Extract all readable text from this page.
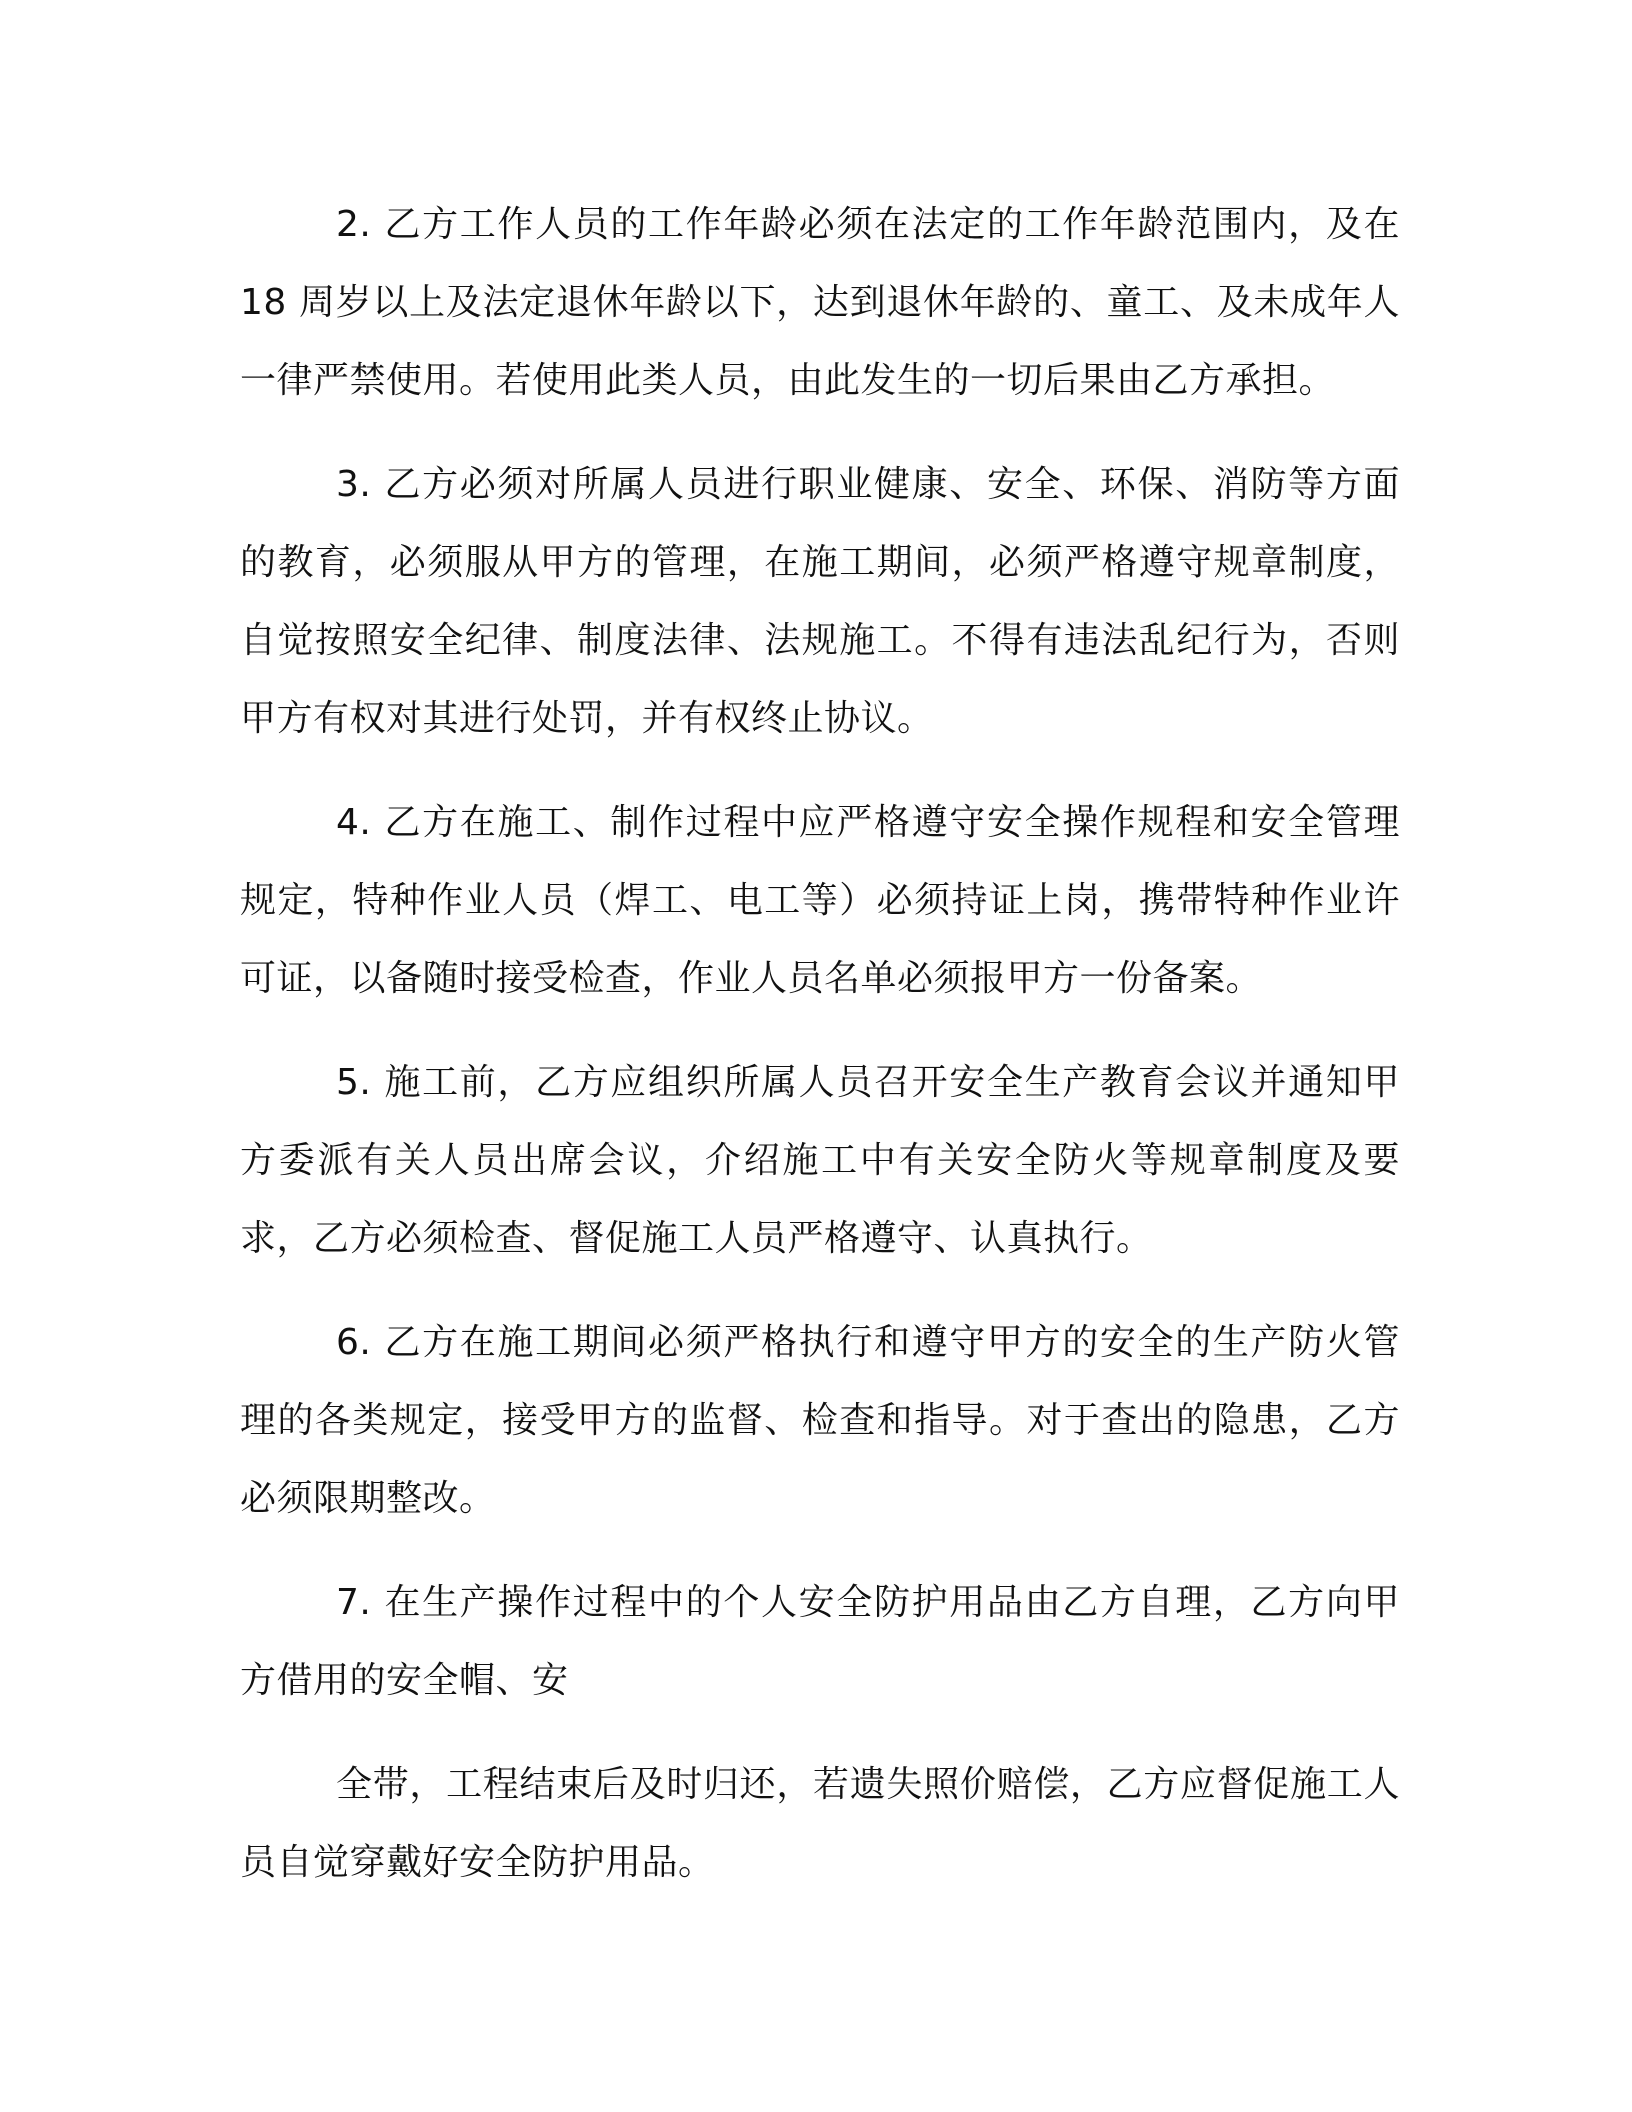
2. 乙方工作人员的工作年龄必须在法定的工作年龄范围内，及在18 周岁以上及法定退休年龄以下，达到退休年龄的、童工、及未成年人一律严禁使用。若使用此类人员，由此发生的一切后果由乙方承担。

3. 乙方必须对所属人员进行职业健康、安全、环保、消防等方面的教育，必须服从甲方的管理，在施工期间，必须严格遵守规章制度，自觉按照安全纪律、制度法律、法规施工。不得有违法乱纪行为，否则甲方有权对其进行处罚，并有权终止协议。

4. 乙方在施工、制作过程中应严格遵守安全操作规程和安全管理规定，特种作业人员（焊工、电工等）必须持证上岗，携带特种作业许可证，以备随时接受检查，作业人员名单必须报甲方一份备案。

5. 施工前，乙方应组织所属人员召开安全生产教育会议并通知甲方委派有关人员出席会议，介绍施工中有关安全防火等规章制度及要求，乙方必须检查、督促施工人员严格遵守、认真执行。

6. 乙方在施工期间必须严格执行和遵守甲方的安全的生产防火管理的各类规定，接受甲方的监督、检查和指导。对于查出的隐患，乙方必须限期整改。

7. 在生产操作过程中的个人安全防护用品由乙方自理，乙方向甲方借用的安全帽、安

全带，工程结束后及时归还，若遗失照价赔偿，乙方应督促施工人员自觉穿戴好安全防护用品。
